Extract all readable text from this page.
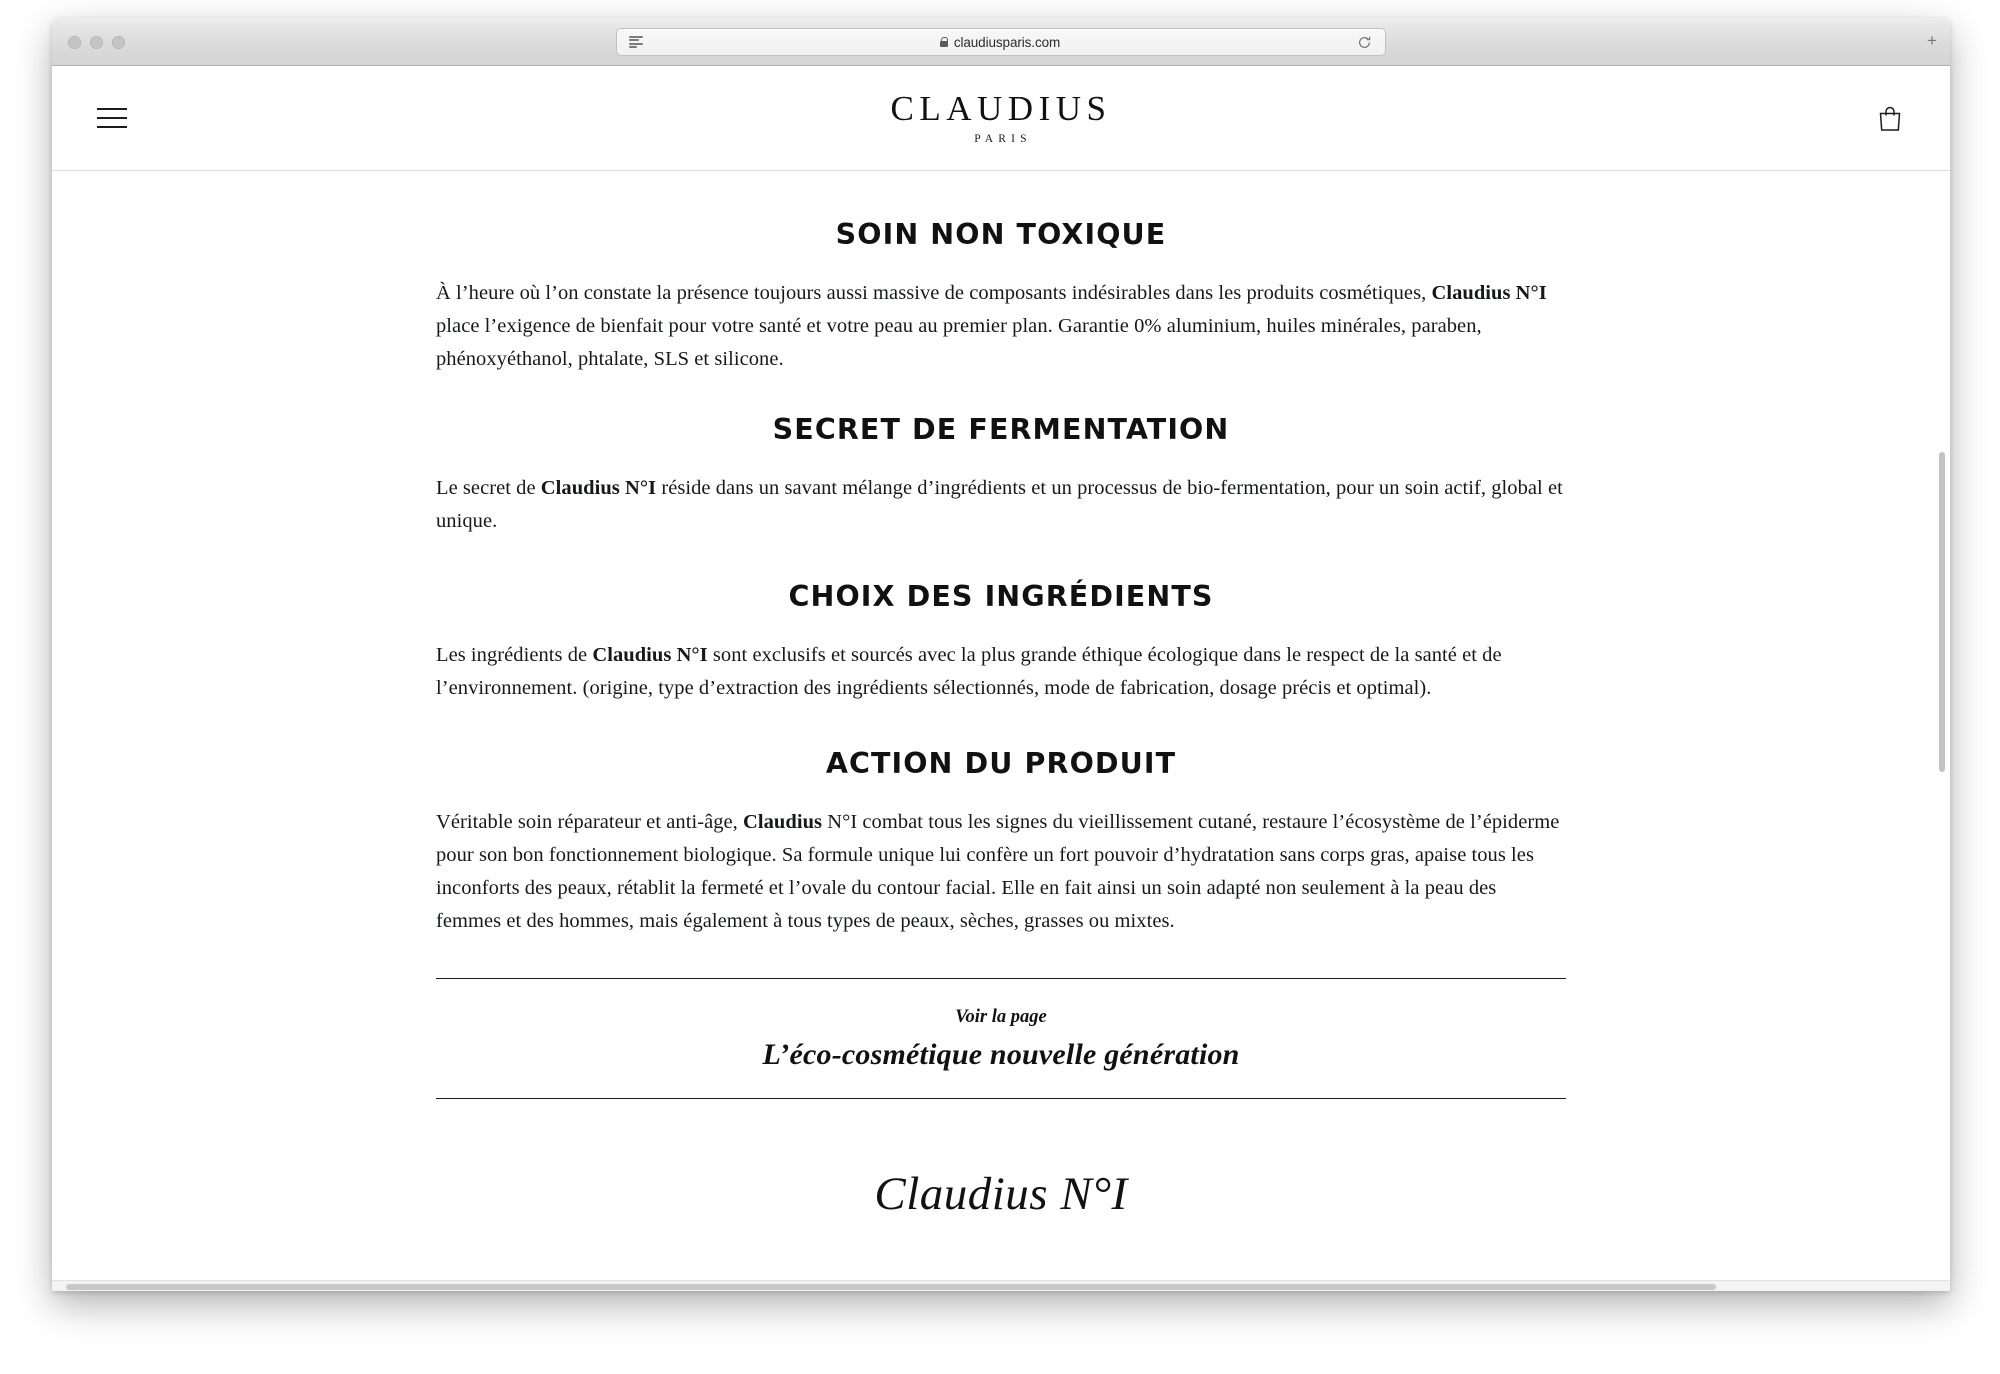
claudiusparis.com	+
CLAUDIUS
PARIS
SOIN NON TOXIQUE

À l’heure où l’on constate la présence toujours aussi massive de composants indésirables dans les produits cosmétiques, Claudius N°I place l’exigence de bienfait pour votre santé et votre peau au premier plan. Garantie 0% aluminium, huiles minérales, paraben, phénoxyéthanol, phtalate, SLS et silicone.

SECRET DE FERMENTATION

Le secret de Claudius N°I réside dans un savant mélange d’ingrédients et un processus de bio-fermentation, pour un soin actif, global et unique.

CHOIX DES INGRÉDIENTS

Les ingrédients de Claudius N°I sont exclusifs et sourcés avec la plus grande éthique écologique dans le respect de la santé et de l’environnement. (origine, type d’extraction des ingrédients sélectionnés, mode de fabrication, dosage précis et optimal).

ACTION DU PRODUIT

Véritable soin réparateur et anti-âge, Claudius N°I combat tous les signes du vieillissement cutané, restaure l’écosystème de l’épiderme pour son bon fonctionnement biologique. Sa formule unique lui confère un fort pouvoir d’hydratation sans corps gras, apaise tous les inconforts des peaux, rétablit la fermeté et l’ovale du contour facial. Elle en fait ainsi un soin adapté non seulement à la peau des femmes et des hommes, mais également à tous types de peaux, sèches, grasses ou mixtes.

Voir la page
L’éco-cosmétique nouvelle génération
Claudius N°I
